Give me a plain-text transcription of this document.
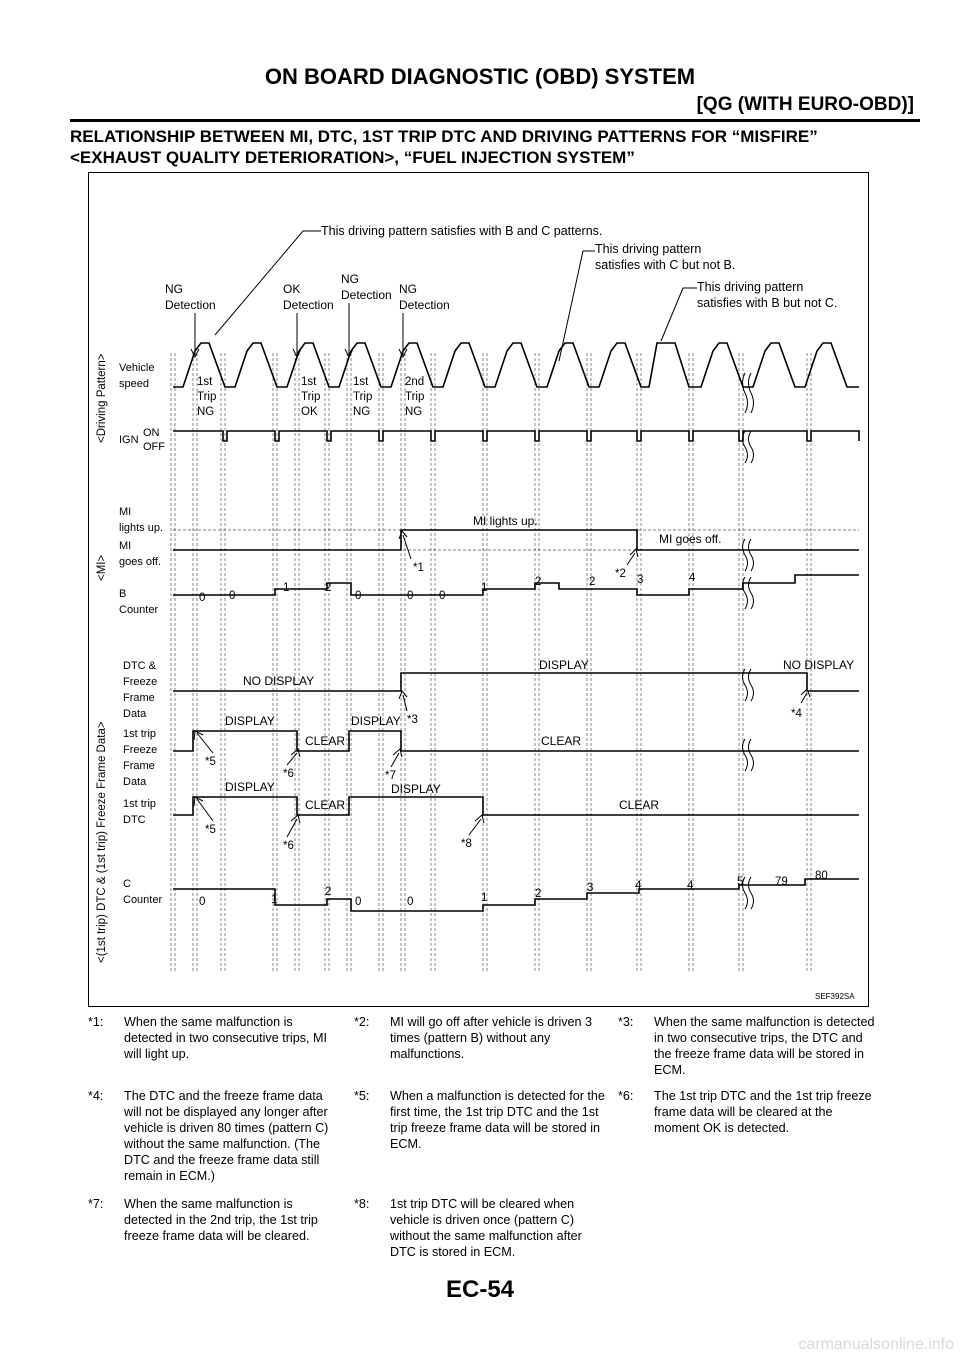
ON BOARD DIAGNOSTIC (OBD) SYSTEM
[QG (WITH EURO-OBD)]
RELATIONSHIP BETWEEN MI, DTC, 1ST TRIP DTC AND DRIVING PATTERNS FOR “MISFIRE”
<EXHAUST QUALITY DETERIORATION>, “FUEL INJECTION SYSTEM”
This driving pattern satisfies with B and C patterns.
This driving pattern
satisfies with C but not B.
This driving pattern
satisfies with B but not C.
NG
Detection
OK
Detection
NG
Detection NG
Detection
<Driving Pattern>
<MI>
<(1st trip) DTC & (1st trip) Freeze Frame Data>
Vehicle
speed
IGN
ON
OFF
MI
lights up.
MI
goes off.
B
Counter
DTC &
Freeze
Frame
Data
1st trip
Freeze
Frame
Data
1st trip
DTC
C
Counter
1st
Trip
NG
1st
Trip
OK
1st
Trip
NG
2nd
Trip
NG
MI lights up.
MI goes off.
0 0
1	2
0	0 0
1	2	2	3	4
NO DISPLAY
DISPLAY	NO DISPLAY
DISPLAY
CLEAR
DISPLAY
CLEAR
DISPLAY
CLEAR
DISPLAY
CLEAR
0	1
2
0	0	1	2	3	4	4	5	79 80
*1	*2
*3	*4
*5
*5
*6
*6
*7
*8
SEF392SA
*1:	When the same malfunction is detected in two consecutive trips, MI will light up.
*2:	MI will go off after vehicle is driven 3 times (pattern B) without any malfunctions.
*3:	When the same malfunction is detected in two consecutive trips, the DTC and the freeze frame data will be stored in ECM.
*4:	The DTC and the freeze frame data will not be displayed any longer after vehicle is driven 80 times (pattern C) without the same malfunction. (The DTC and the freeze frame data still remain in ECM.)
*5:	When a malfunction is detected for the first time, the 1st trip DTC and the 1st trip freeze frame data will be stored in ECM.
*6:	The 1st trip DTC and the 1st trip freeze frame data will be cleared at the moment OK is detected.
*7:	When the same malfunction is detected in the 2nd trip, the 1st trip freeze frame data will be cleared.
*8:	1st trip DTC will be cleared when vehicle is driven once (pattern C) without the same malfunction after DTC is stored in ECM.
EC-54
carmanualsonline.info
